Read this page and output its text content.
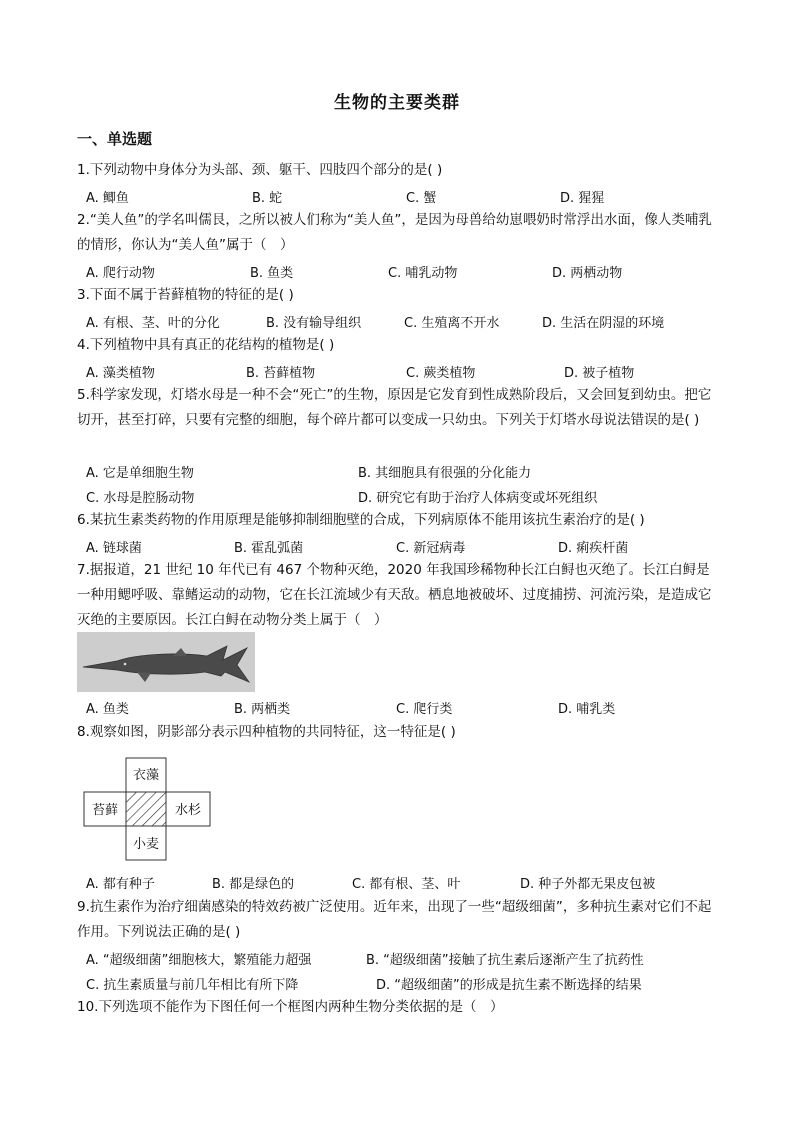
生物的主要类群
一、单选题
1.下列动物中身体分为头部、颈、躯干、四肢四个部分的是( )
A. 鲫鱼	B. 蛇	C. 蟹	D. 猩猩
2.“美人鱼”的学名叫儒艮，之所以被人们称为“美人鱼”，是因为母兽给幼崽喂奶时常浮出水面，像人类哺乳的情形，你认为“美人鱼”属于（　）
A. 爬行动物	B. 鱼类	C. 哺乳动物	D. 两栖动物
3.下面不属于苔藓植物的特征的是( )
A. 有根、茎、叶的分化	B. 没有输导组织	C. 生殖离不开水	D. 生活在阴湿的环境
4.下列植物中具有真正的花结构的植物是( )
A. 藻类植物	B. 苔藓植物	C. 蕨类植物	D. 被子植物
5.科学家发现，灯塔水母是一种不会“死亡”的生物，原因是它发育到性成熟阶段后，又会回复到幼虫。把它切开，甚至打碎，只要有完整的细胞，每个碎片都可以变成一只幼虫。下列关于灯塔水母说法错误的是( )
A. 它是单细胞生物	B. 其细胞具有很强的分化能力
C. 水母是腔肠动物	D. 研究它有助于治疗人体病变或坏死组织
6.某抗生素类药物的作用原理是能够抑制细胞壁的合成，下列病原体不能用该抗生素治疗的是( )
A. 链球菌	B. 霍乱弧菌	C. 新冠病毒	D. 痢疾杆菌
7.据报道，21 世纪 10 年代已有 467 个物种灭绝，2020 年我国珍稀物种长江白鲟也灭绝了。长江白鲟是一种用鳃呼吸、靠鳍运动的动物，它在长江流域少有天敌。栖息地被破坏、过度捕捞、河流污染，是造成它灭绝的主要原因。长江白鲟在动物分类上属于（　）
A. 鱼类	B. 两栖类	C. 爬行类	D. 哺乳类
8.观察如图，阴影部分表示四种植物的共同特征，这一特征是( )
衣藻
苔藓	水杉
小麦
A. 都有种子	B. 都是绿色的	C. 都有根、茎、叶	D. 种子外都无果皮包被
9.抗生素作为治疗细菌感染的特效药被广泛使用。近年来，出现了一些“超级细菌”，多种抗生素对它们不起作用。下列说法正确的是( )
A. “超级细菌”细胞核大，繁殖能力超强	B. “超级细菌”接触了抗生素后逐渐产生了抗药性
C. 抗生素质量与前几年相比有所下降	D. “超级细菌”的形成是抗生素不断选择的结果
10.下列选项不能作为下图任何一个框图内两种生物分类依据的是（　）
